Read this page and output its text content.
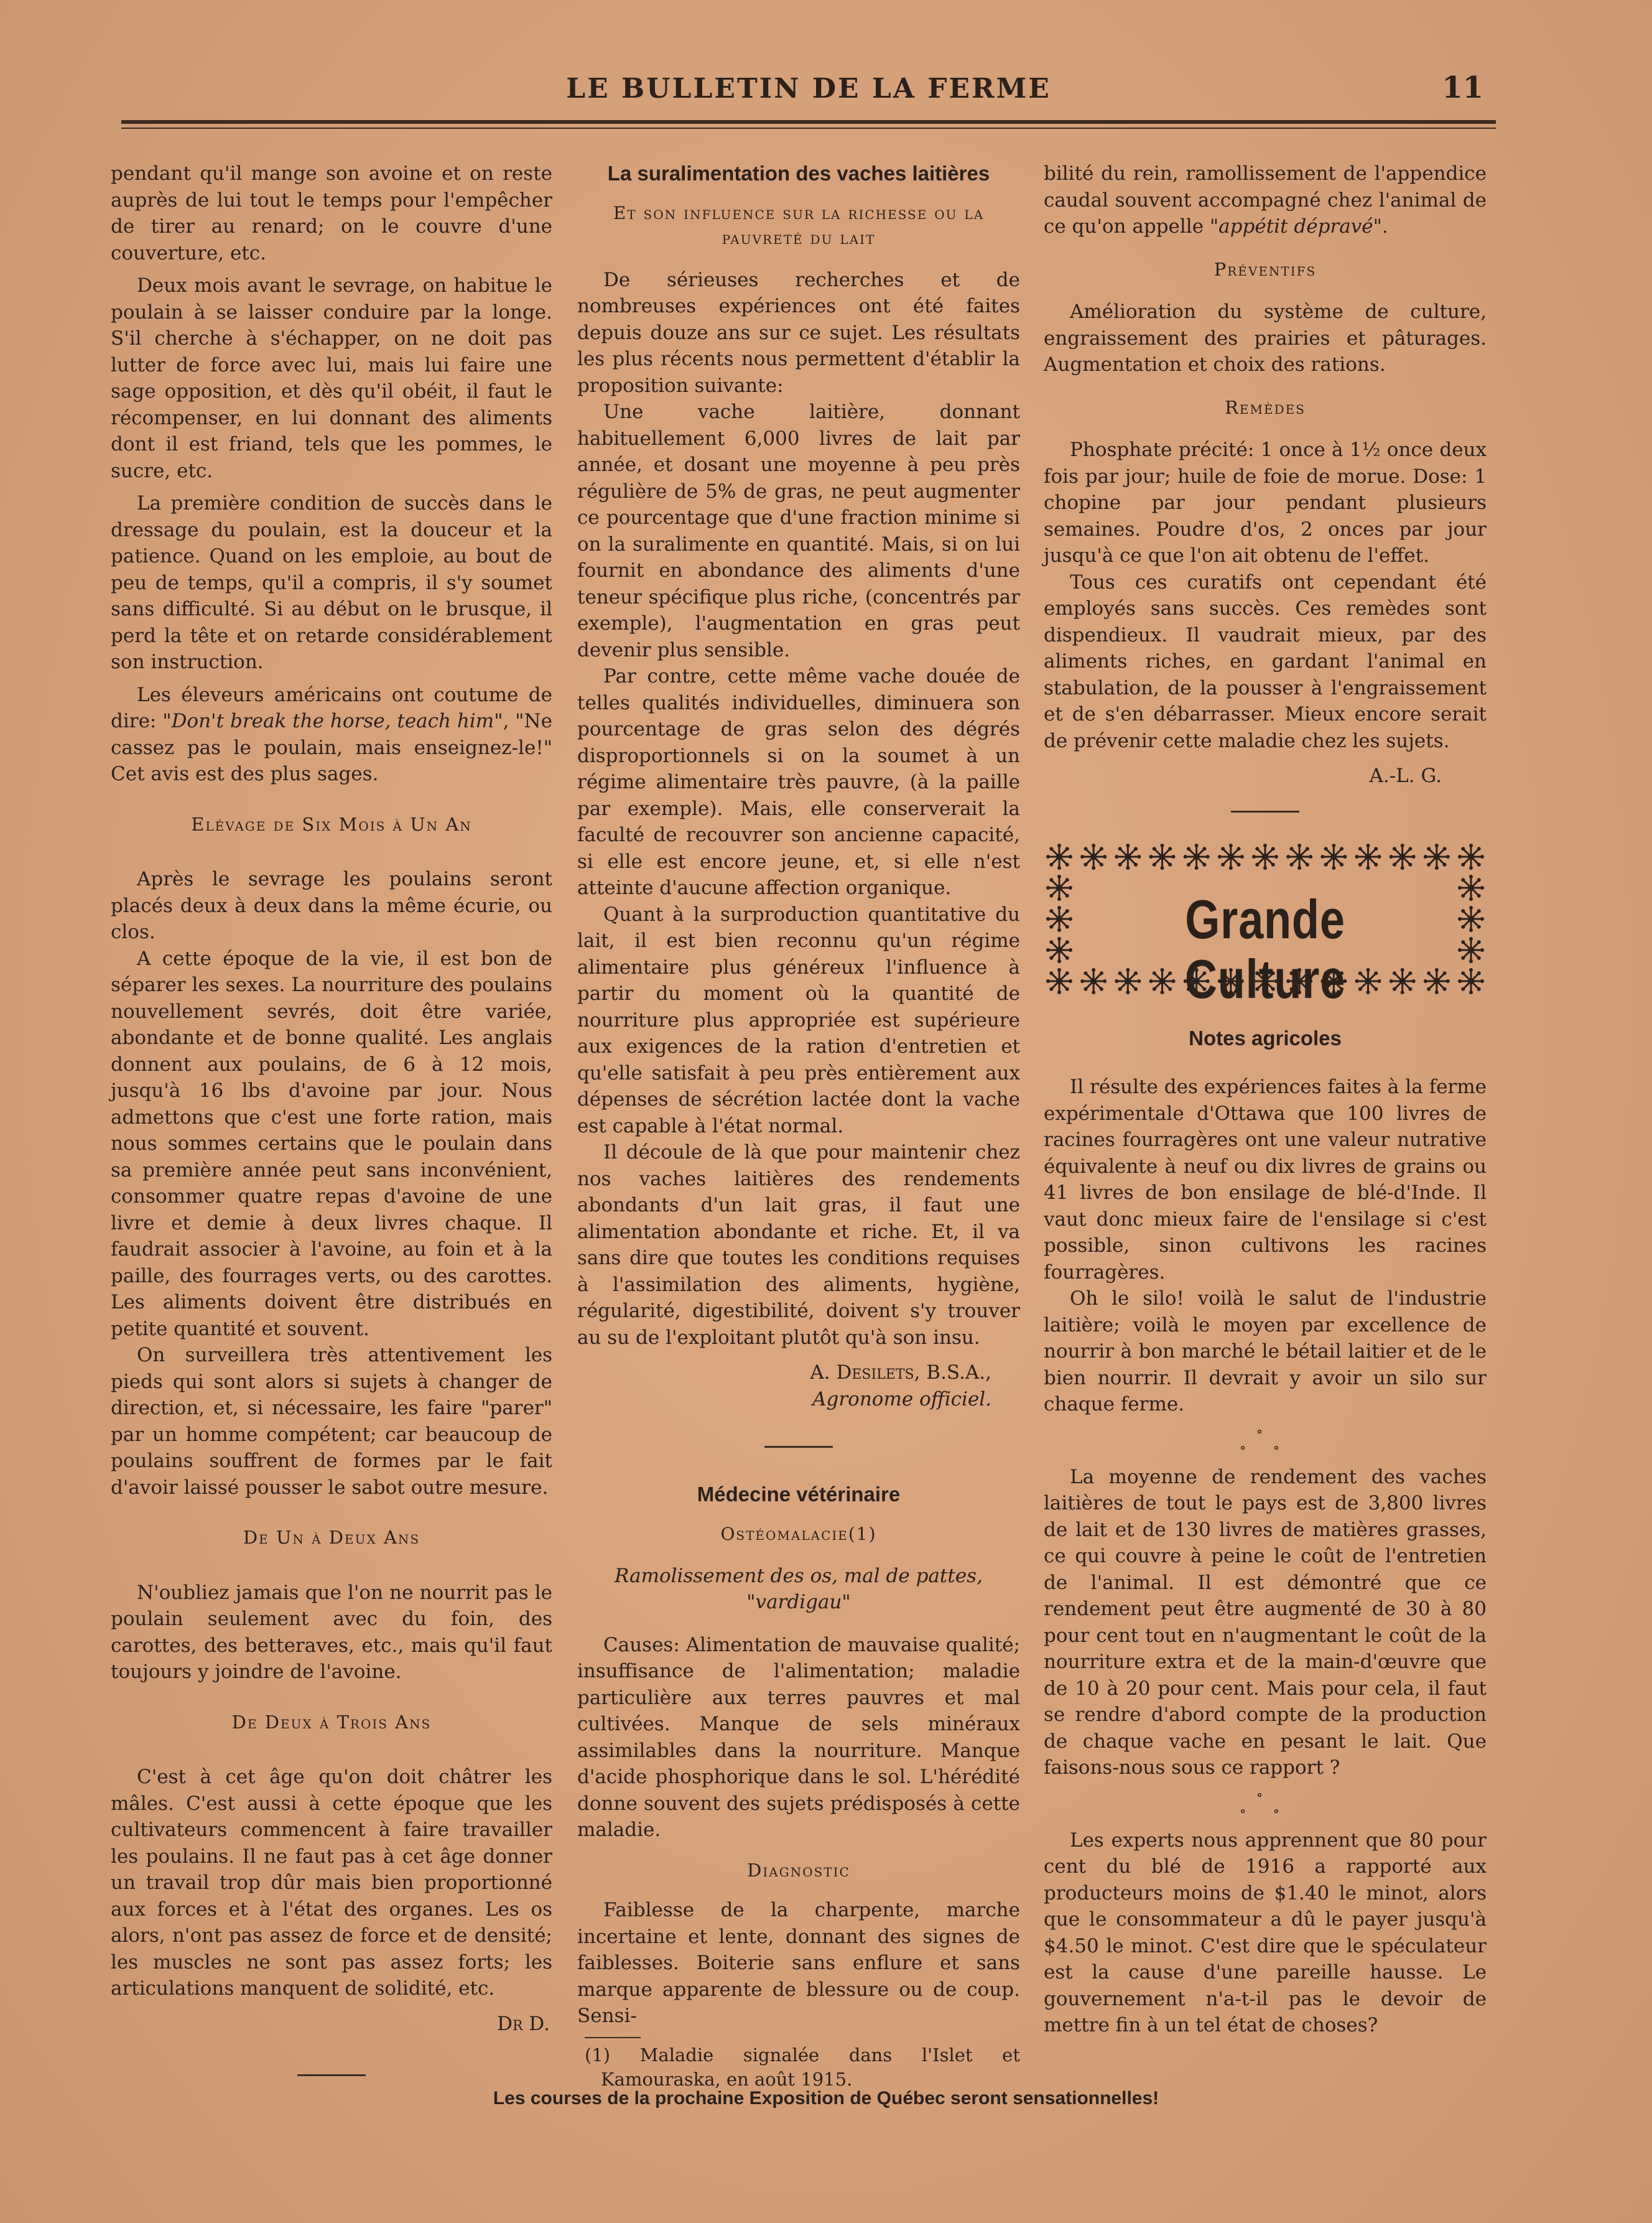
LE BULLETIN DE LA FERME	11

pendant qu'il mange son avoine et on reste auprès de lui tout le temps pour l'empêcher de tirer au renard; on le couvre d'une couverture, etc.

Deux mois avant le sevrage, on habitue le poulain à se laisser conduire par la longe. S'il cherche à s'échapper, on ne doit pas lutter de force avec lui, mais lui faire une sage opposition, et dès qu'il obéit, il faut le récompenser, en lui donnant des aliments dont il est friand, tels que les pommes, le sucre, etc.

La première condition de succès dans le dressage du poulain, est la douceur et la patience. Quand on les emploie, au bout de peu de temps, qu'il a compris, il s'y soumet sans difficulté. Si au début on le brusque, il perd la tête et on retarde considérablement son instruction.

Les éleveurs américains ont coutume de dire: "Don't break the horse, teach him", "Ne cassez pas le poulain, mais enseignez-le!" Cet avis est des plus sages.

Elévage de Six Mois à Un An

Après le sevrage les poulains seront placés deux à deux dans la même écurie, ou clos.

A cette époque de la vie, il est bon de séparer les sexes. La nourriture des poulains nouvellement sevrés, doit être variée, abondante et de bonne qualité. Les anglais donnent aux poulains, de 6 à 12 mois, jusqu'à 16 lbs d'avoine par jour. Nous admettons que c'est une forte ration, mais nous sommes certains que le poulain dans sa première année peut sans inconvénient, consommer quatre repas d'avoine de une livre et demie à deux livres chaque. Il faudrait associer à l'avoine, au foin et à la paille, des fourrages verts, ou des carottes. Les aliments doivent être distribués en petite quantité et souvent.

On surveillera très attentivement les pieds qui sont alors si sujets à changer de direction, et, si nécessaire, les faire "parer" par un homme compétent; car beaucoup de poulains souffrent de formes par le fait d'avoir laissé pousser le sabot outre mesure.

De Un à Deux Ans

N'oubliez jamais que l'on ne nourrit pas le poulain seulement avec du foin, des carottes, des betteraves, etc., mais qu'il faut toujours y joindre de l'avoine.

De Deux à Trois Ans

C'est à cet âge qu'on doit châtrer les mâles. C'est aussi à cette époque que les cultivateurs commencent à faire travailler les poulains. Il ne faut pas à cet âge donner un travail trop dûr mais bien proportionné aux forces et à l'état des organes. Les os alors, n'ont pas assez de force et de densité; les muscles ne sont pas assez forts; les articulations manquent de solidité, etc.

Dr D.
La suralimentation des vaches laitières
Et son influence sur la richesse ou la pauvreté du lait

De sérieuses recherches et de nombreuses expériences ont été faites depuis douze ans sur ce sujet. Les résultats les plus récents nous permettent d'établir la proposition suivante:

Une vache laitière, donnant habituellement 6,000 livres de lait par année, et dosant une moyenne à peu près régulière de 5% de gras, ne peut augmenter ce pourcentage que d'une fraction minime si on la suralimente en quantité. Mais, si on lui fournit en abondance des aliments d'une teneur spécifique plus riche, (concentrés par exemple), l'augmentation en gras peut devenir plus sensible.

Par contre, cette même vache douée de telles qualités individuelles, diminuera son pourcentage de gras selon des dégrés disproportionnels si on la soumet à un régime alimentaire très pauvre, (à la paille par exemple). Mais, elle conserverait la faculté de recouvrer son ancienne capacité, si elle est encore jeune, et, si elle n'est atteinte d'aucune affection organique.

Quant à la surproduction quantitative du lait, il est bien reconnu qu'un régime alimentaire plus généreux l'influence à partir du moment où la quantité de nourriture plus appropriée est supérieure aux exigences de la ration d'entretien et qu'elle satisfait à peu près entièrement aux dépenses de sécrétion lactée dont la vache est capable à l'état normal.

Il découle de là que pour maintenir chez nos vaches laitières des rendements abondants d'un lait gras, il faut une alimentation abondante et riche. Et, il va sans dire que toutes les conditions requises à l'assimilation des aliments, hygiène, régularité, digestibilité, doivent s'y trouver au su de l'exploitant plutôt qu'à son insu.

A. Desilets, B.S.A.,
Agronome officiel.
Médecine vétérinaire
Ostéomalacie(1)
Ramolissement des os, mal de pattes, "vardigau"

Causes: Alimentation de mauvaise qualité; insuffisance de l'alimentation; maladie particulière aux terres pauvres et mal cultivées. Manque de sels minéraux assimilables dans la nourriture. Manque d'acide phosphorique dans le sol. L'hérédité donne souvent des sujets prédisposés à cette maladie.

Diagnostic

Faiblesse de la charpente, marche incertaine et lente, donnant des signes de faiblesses. Boiterie sans enflure et sans marque apparente de blessure ou de coup. Sensi-

(1) Maladie signalée dans l'Islet et Kamouraska, en août 1915.

bilité du rein, ramollissement de l'appendice caudal souvent accompagné chez l'animal de ce qu'on appelle "appétit dépravé".

Préventifs

Amélioration du système de culture, engraissement des prairies et pâturages. Augmentation et choix des rations.

Remèdes

Phosphate précité: 1 once à 1½ once deux fois par jour; huile de foie de morue. Dose: 1 chopine par jour pendant plusieurs semaines. Poudre d'os, 2 onces par jour jusqu'à ce que l'on ait obtenu de l'effet.

Tous ces curatifs ont cependant été employés sans succès. Ces remèdes sont dispendieux. Il vaudrait mieux, par des aliments riches, en gardant l'animal en stabulation, de la pousser à l'engraissement et de s'en débarrasser. Mieux encore serait de prévenir cette maladie chez les sujets.

A.-L. G.
Grande Culture
Notes agricoles

Il résulte des expériences faites à la ferme expérimentale d'Ottawa que 100 livres de racines fourragères ont une valeur nutrative équivalente à neuf ou dix livres de grains ou 41 livres de bon ensilage de blé-d'Inde. Il vaut donc mieux faire de l'ensilage si c'est possible, sinon cultivons les racines fourragères.

Oh le silo! voilà le salut de l'industrie laitière; voilà le moyen par excellence de nourrir à bon marché le bétail laitier et de le bien nourrir. Il devrait y avoir un silo sur chaque ferme.

∘
∘ ∘

La moyenne de rendement des vaches laitières de tout le pays est de 3,800 livres de lait et de 130 livres de matières grasses, ce qui couvre à peine le coût de l'entretien de l'animal. Il est démontré que ce rendement peut être augmenté de 30 à 80 pour cent tout en n'augmentant le coût de la nourriture extra et de la main-d'œuvre que de 10 à 20 pour cent. Mais pour cela, il faut se rendre d'abord compte de la production de chaque vache en pesant le lait. Que faisons-nous sous ce rapport ?

∘
∘ ∘

Les experts nous apprennent que 80 pour cent du blé de 1916 a rapporté aux producteurs moins de $1.40 le minot, alors que le consommateur a dû le payer jusqu'à $4.50 le minot. C'est dire que le spéculateur est la cause d'une pareille hausse. Le gouvernement n'a-t-il pas le devoir de mettre fin à un tel état de choses?

Les courses de la prochaine Exposition de Québec seront sensationnelles!
